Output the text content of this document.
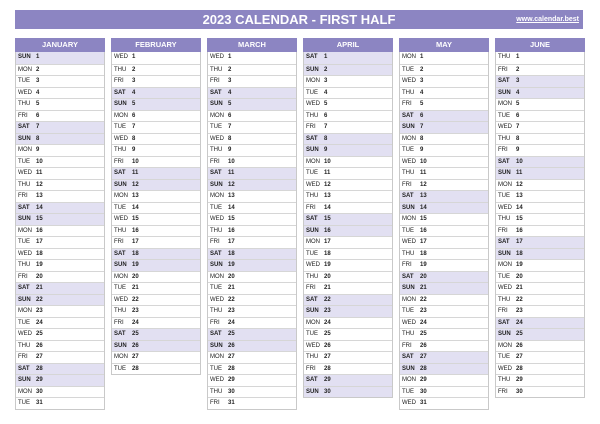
2023 CALENDAR - FIRST HALF	www.calendar.best
JANUARY
SUN 1
MON 2
TUE	3
WED 4
THU 5
FRI	6
SAT	7
SUN 8
MON 9
TUE	10
WED 11
THU 12
FRI	13
SAT	14
SUN 15
MON 16
TUE	17
WED 18
THU 19
FRI	20
SAT	21
SUN 22
MON 23
TUE	24
WED 25
THU 26
FRI	27
SAT	28
SUN 29
MON 30
TUE	31
FEBRUARY
WED 1
THU 2
FRI	3
SAT	4
SUN 5
MON 6
TUE	7
WED 8
THU 9
FRI	10
SAT	11
SUN 12
MON 13
TUE	14
WED 15
THU 16
FRI	17
SAT	18
SUN 19
MON 20
TUE	21
WED 22
THU 23
FRI	24
SAT	25
SUN 26
MON 27
TUE	28
MARCH
WED 1
THU 2
FRI	3
SAT	4
SUN 5
MON 6
TUE	7
WED 8
THU 9
FRI	10
SAT	11
SUN 12
MON 13
TUE	14
WED 15
THU 16
FRI	17
SAT	18
SUN 19
MON 20
TUE	21
WED 22
THU 23
FRI	24
SAT	25
SUN 26
MON 27
TUE	28
WED 29
THU 30
FRI	31
APRIL
SAT	1
SUN 2
MON 3
TUE	4
WED 5
THU 6
FRI	7
SAT	8
SUN 9
MON 10
TUE	11
WED 12
THU 13
FRI	14
SAT	15
SUN 16
MON 17
TUE	18
WED 19
THU 20
FRI	21
SAT	22
SUN 23
MON 24
TUE	25
WED 26
THU 27
FRI	28
SAT	29
SUN 30
MAY
MON 1
TUE	2
WED 3
THU 4
FRI	5
SAT	6
SUN 7
MON 8
TUE	9
WED 10
THU 11
FRI	12
SAT	13
SUN 14
MON 15
TUE	16
WED 17
THU 18
FRI	19
SAT	20
SUN 21
MON 22
TUE	23
WED 24
THU 25
FRI	26
SAT	27
SUN 28
MON 29
TUE	30
WED 31
JUNE
THU 1
FRI	2
SAT	3
SUN 4
MON 5
TUE	6
WED 7
THU 8
FRI	9
SAT	10
SUN 11
MON 12
TUE	13
WED 14
THU 15
FRI	16
SAT	17
SUN 18
MON 19
TUE	20
WED 21
THU 22
FRI	23
SAT	24
SUN 25
MON 26
TUE	27
WED 28
THU 29
FRI	30
